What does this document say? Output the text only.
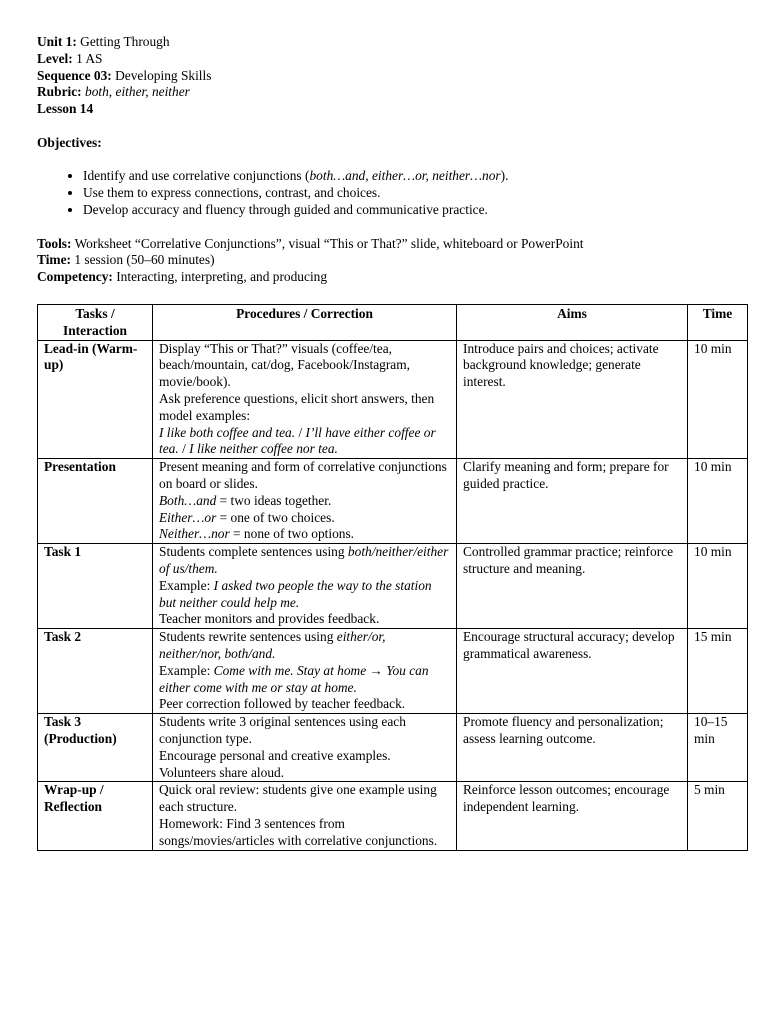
Unit 1: Getting Through

Level: 1 AS

Sequence 03: Developing Skills

Rubric: both, either, neither

Lesson 14

Objectives:

• Identify and use correlative conjunctions (both…and, either…or, neither…nor).
• Use them to express connections, contrast, and choices.
• Develop accuracy and fluency through guided and communicative practice.

Tools: Worksheet “Correlative Conjunctions”, visual “This or That?” slide, whiteboard or PowerPoint

Time: 1 session (50–60 minutes)

Competency: Interacting, interpreting, and producing

Tasks / Interaction	Procedures / Correction	Aims	Time
Lead-in (Warm-up)	Display “This or That?” visuals (coffee/tea, beach/mountain, cat/dog, Facebook/Instagram, movie/book).
Ask preference questions, elicit short answers, then model examples:
I like both coffee and tea. / I’ll have either coffee or tea. / I like neither coffee nor tea.	Introduce pairs and choices; activate background knowledge; generate interest.	10 min
Presentation	Present meaning and form of correlative conjunctions on board or slides.
Both…and = two ideas together.
Either…or = one of two choices.
Neither…nor = none of two options.	Clarify meaning and form; prepare for guided practice.	10 min
Task 1	Students complete sentences using both/neither/either of us/them.
Example: I asked two people the way to the station but neither could help me.
Teacher monitors and provides feedback.	Controlled grammar practice; reinforce structure and meaning.	10 min
Task 2	Students rewrite sentences using either/or, neither/nor, both/and.
Example: Come with me. Stay at home → You can either come with me or stay at home.
Peer correction followed by teacher feedback.	Encourage structural accuracy; develop grammatical awareness.	15 min
Task 3 (Production)	Students write 3 original sentences using each conjunction type.
Encourage personal and creative examples.
Volunteers share aloud.	Promote fluency and personalization; assess learning outcome.	10–15 min
Wrap-up / Reflection	Quick oral review: students give one example using each structure.
Homework: Find 3 sentences from songs/movies/articles with correlative conjunctions.	Reinforce lesson outcomes; encourage independent learning.	5 min
